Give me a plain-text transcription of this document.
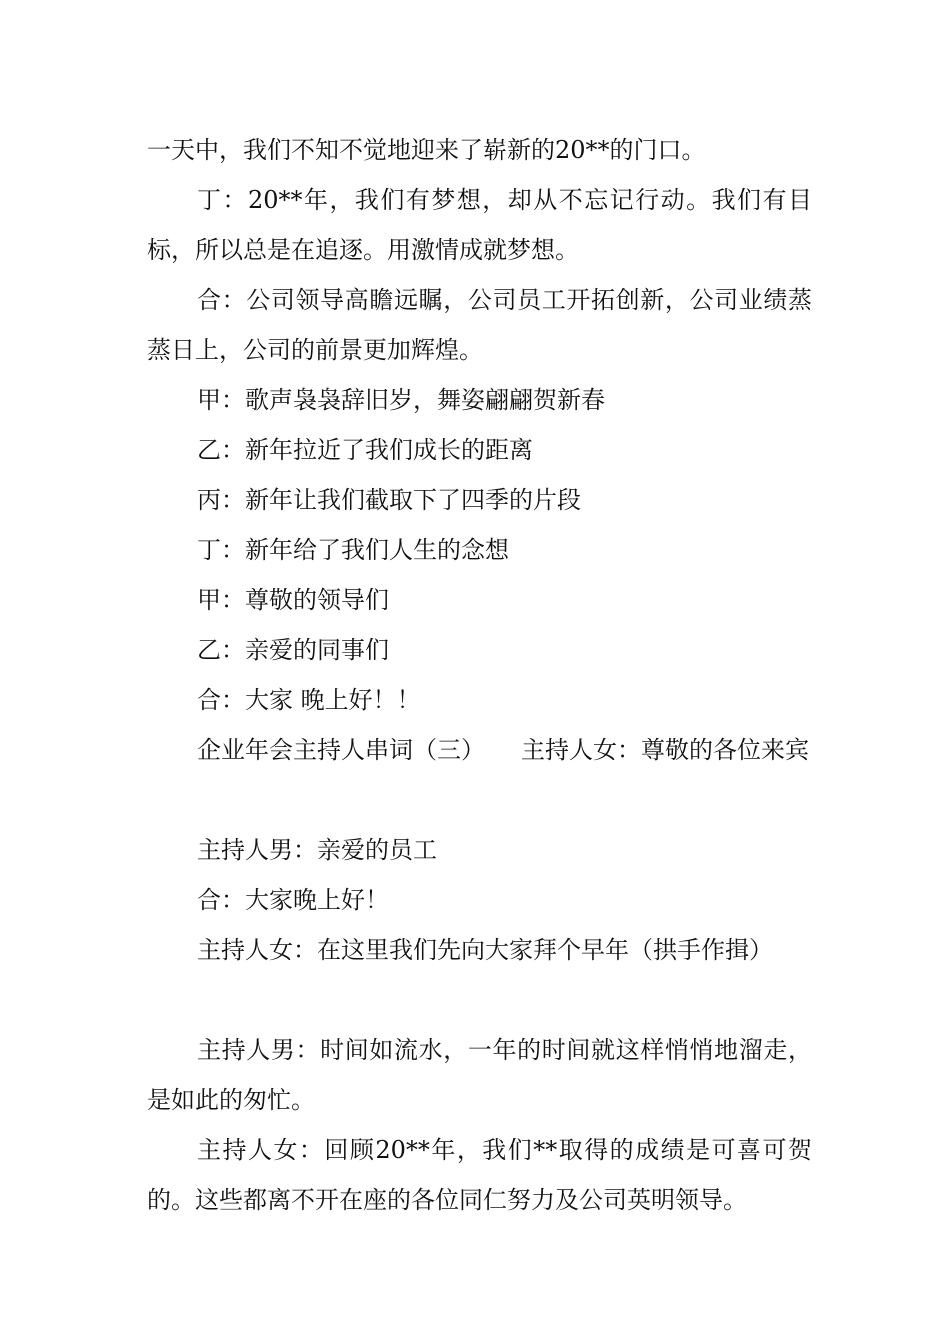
一天中，我们不知不觉地迎来了崭新的20**的门口。

丁：20**年，我们有梦想，却从不忘记行动。我们有目标，所以总是在追逐。用激情成就梦想。

合：公司领导高瞻远瞩，公司员工开拓创新，公司业绩蒸蒸日上，公司的前景更加辉煌。

甲：歌声袅袅辞旧岁，舞姿翩翩贺新春

乙：新年拉近了我们成长的距离

丙：新年让我们截取下了四季的片段

丁：新年给了我们人生的念想

甲：尊敬的领导们

乙：亲爱的同事们

合：大家 晚上好！！

企业年会主持人串词（三）　　主持人女：尊敬的各位来宾

主持人男：亲爱的员工

合：大家晚上好！

主持人女：在这里我们先向大家拜个早年（拱手作揖）

主持人男：时间如流水，一年的时间就这样悄悄地溜走，是如此的匆忙。

主持人女：回顾20**年，我们**取得的成绩是可喜可贺的。这些都离不开在座的各位同仁努力及公司英明领导。
